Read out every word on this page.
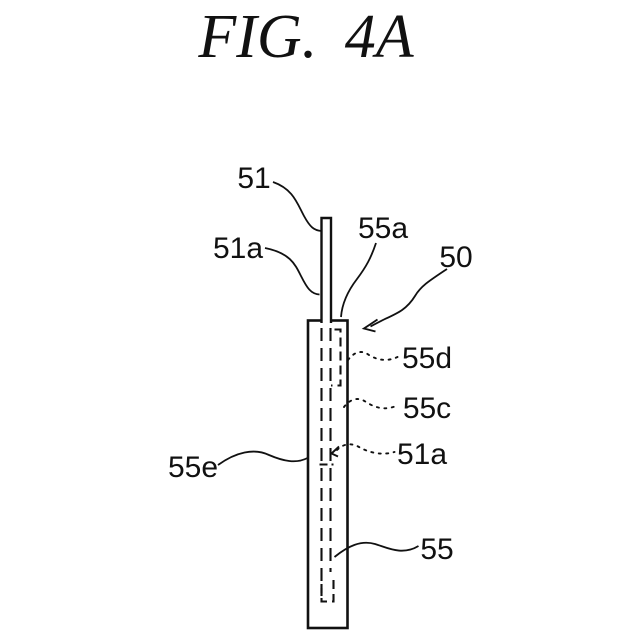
FIG. 4A
51
51a
55a
50
55d
55c
51a
55e
55
